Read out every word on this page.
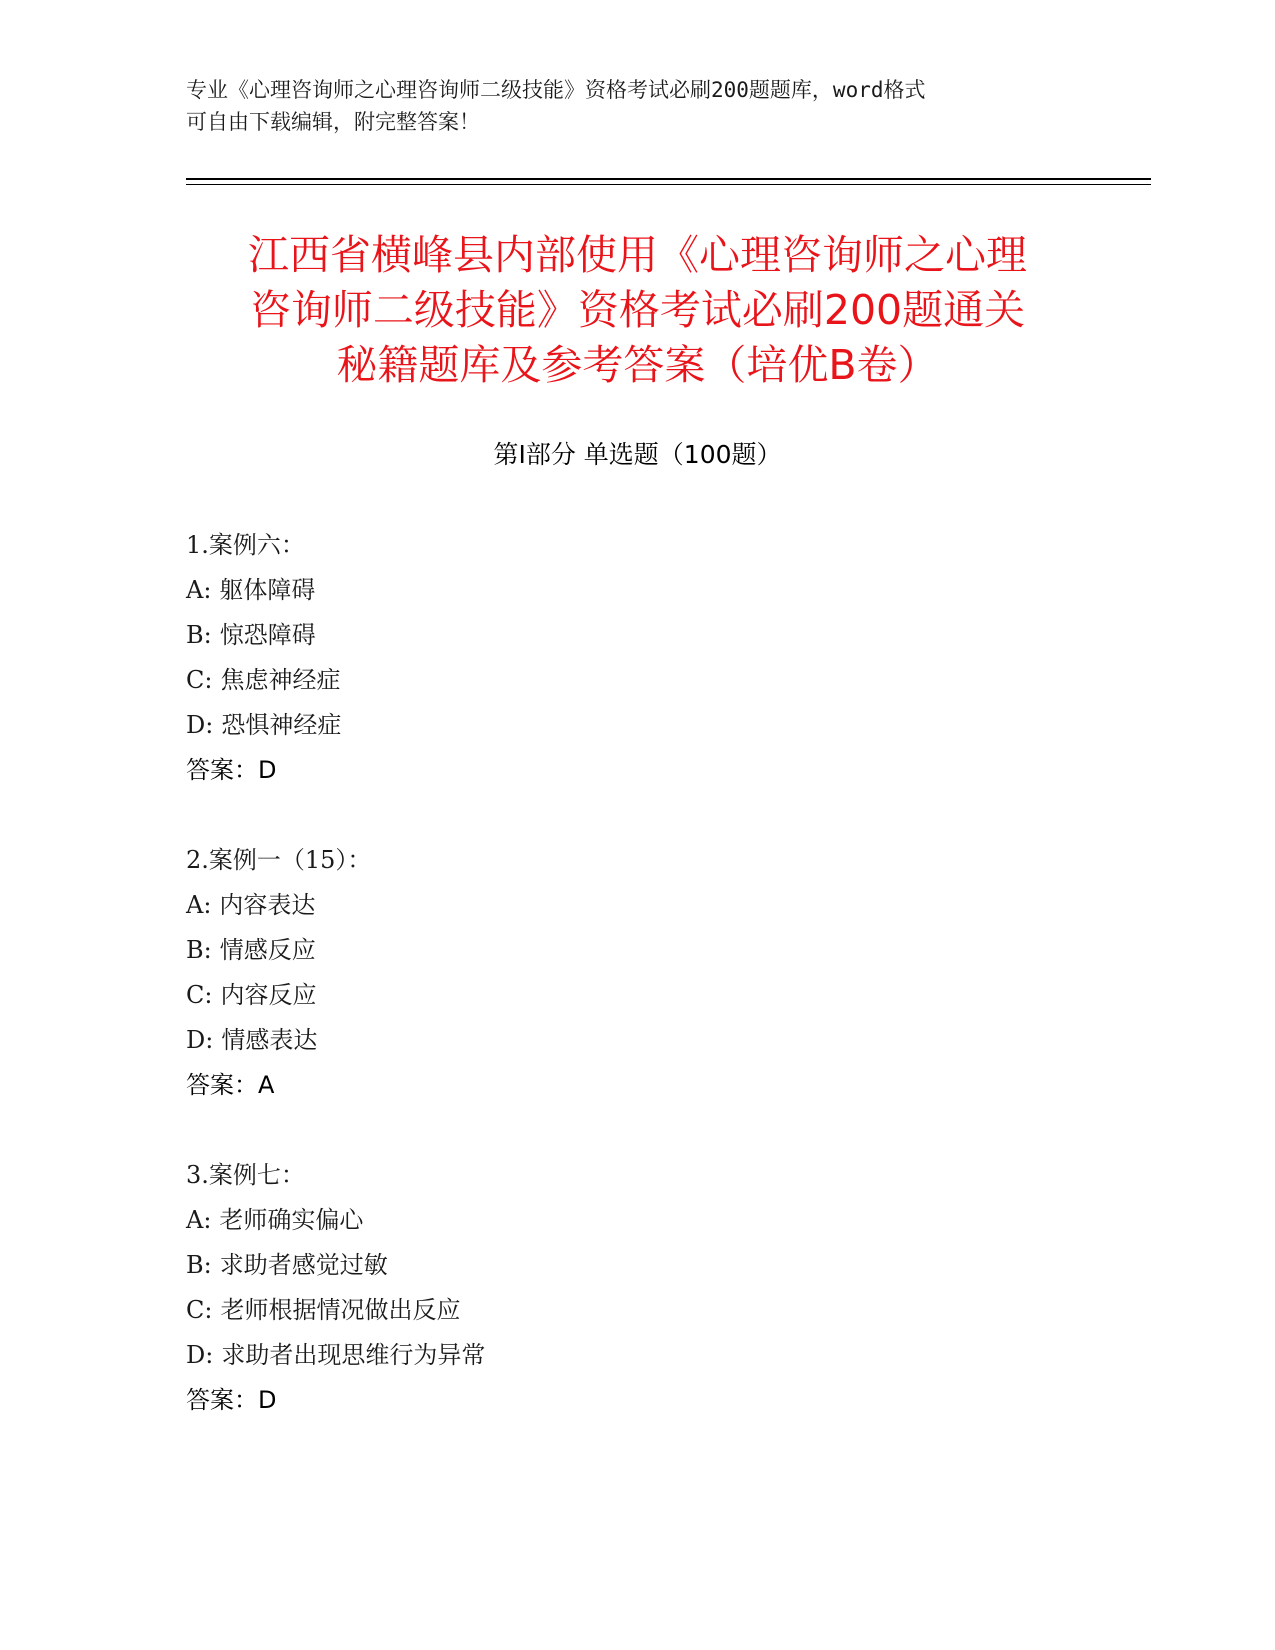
专业《心理咨询师之心理咨询师二级技能》资格考试必刷200题题库，word格式
可自由下载编辑，附完整答案！
江西省横峰县内部使用《心理咨询师之心理
咨询师二级技能》资格考试必刷200题通关
秘籍题库及参考答案（培优B卷）
第Ⅰ部分 单选题（100题）
1.案例六：
A: 躯体障碍
B: 惊恐障碍
C: 焦虑神经症
D: 恐惧神经症
答案：D
2.案例一（15）：
A: 内容表达
B: 情感反应
C: 内容反应
D: 情感表达
答案：A
3.案例七：
A: 老师确实偏心
B: 求助者感觉过敏
C: 老师根据情况做出反应
D: 求助者出现思维行为异常
答案：D
